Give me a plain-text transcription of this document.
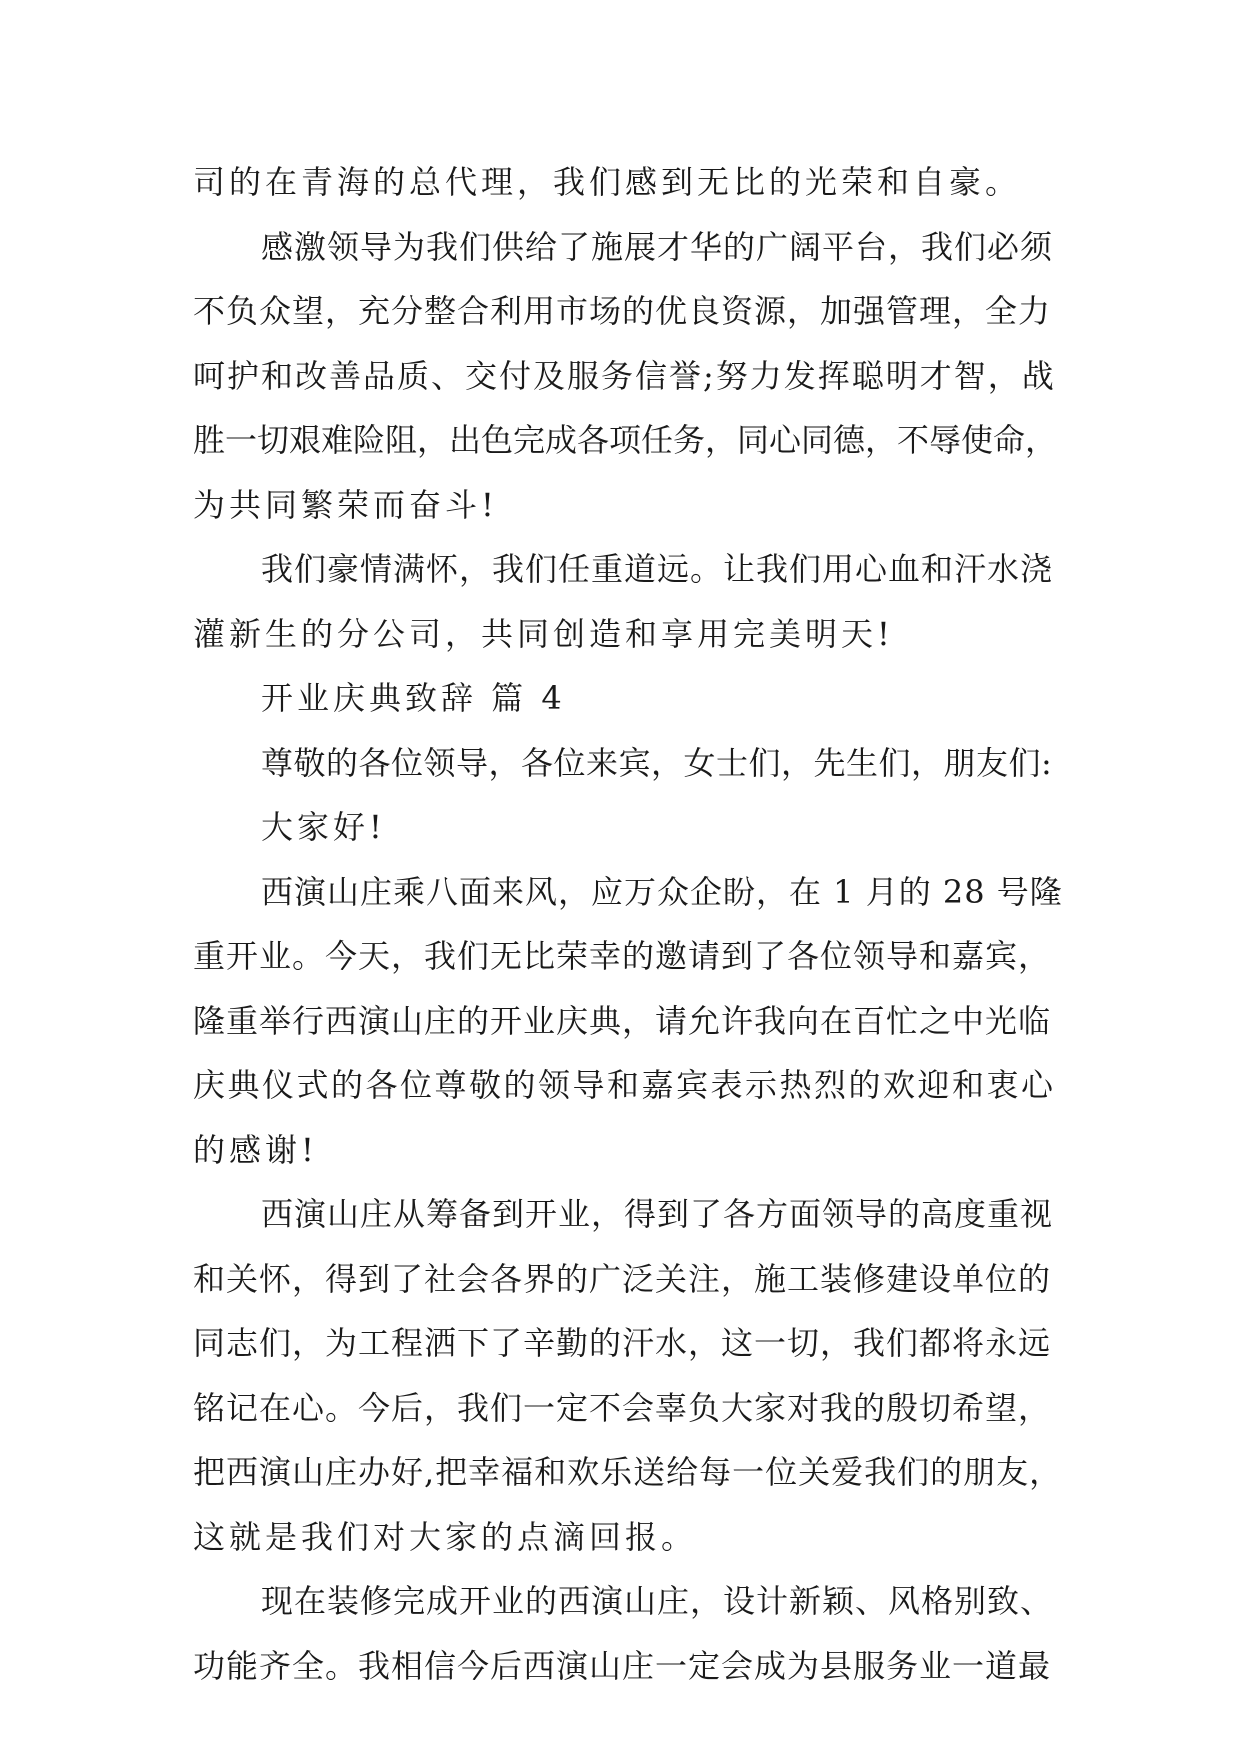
司的在青海的总代理，我们感到无比的光荣和自豪。
感激领导为我们供给了施展才华的广阔平台，我们必须
不负众望，充分整合利用市场的优良资源，加强管理，全力
呵护和改善品质、交付及服务信誉;努力发挥聪明才智，战
胜一切艰难险阻，出色完成各项任务，同心同德，不辱使命，
为共同繁荣而奋斗!
我们豪情满怀，我们任重道远。让我们用心血和汗水浇
灌新生的分公司，共同创造和享用完美明天!
开业庆典致辞 篇 4
尊敬的各位领导，各位来宾，女士们，先生们，朋友们:
大家好!
西演山庄乘八面来风，应万众企盼，在 1 月的 28 号隆
重开业。今天，我们无比荣幸的邀请到了各位领导和嘉宾，
隆重举行西演山庄的开业庆典，请允许我向在百忙之中光临
庆典仪式的各位尊敬的领导和嘉宾表示热烈的欢迎和衷心
的感谢!
西演山庄从筹备到开业，得到了各方面领导的高度重视
和关怀，得到了社会各界的广泛关注，施工装修建设单位的
同志们，为工程洒下了辛勤的汗水，这一切，我们都将永远
铭记在心。今后，我们一定不会辜负大家对我的殷切希望，
把西演山庄办好,把幸福和欢乐送给每一位关爱我们的朋友，
这就是我们对大家的点滴回报。
现在装修完成开业的西演山庄，设计新颖、风格别致、
功能齐全。我相信今后西演山庄一定会成为县服务业一道最
